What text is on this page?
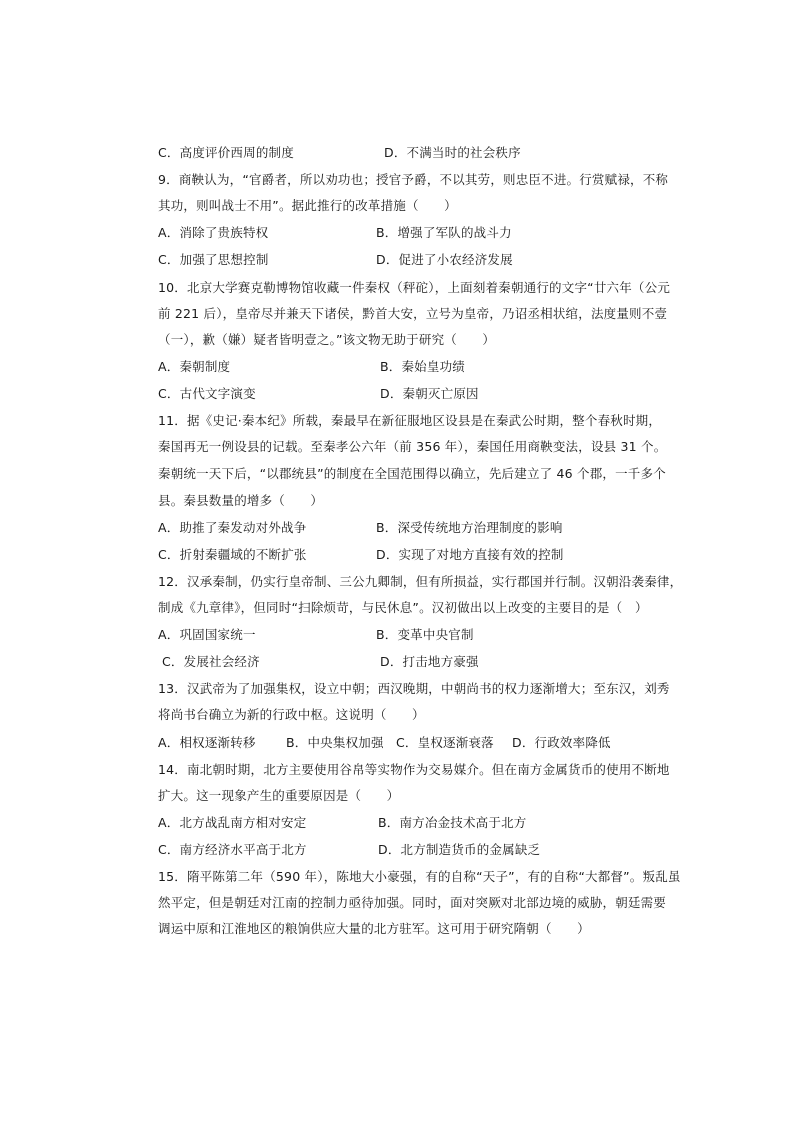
C．高度评价西周的制度	D．不满当时的社会秩序
9．商鞅认为，“官爵者，所以劝功也；授官予爵，不以其劳，则忠臣不进。行赏赋禄，不称
其功，则叫战士不用”。据此推行的改革措施（　　）
A．消除了贵族特权	B．增强了军队的战斗力
C．加强了思想控制	D．促进了小农经济发展
10．北京大学赛克勒博物馆收藏一件秦权（秤砣），上面刻着秦朝通行的文字“廿六年（公元
前 221 后），皇帝尽并兼天下诸侯，黔首大安，立号为皇帝，乃诏丞相状绾，法度量则不壹
（一），歉（嫌）疑者皆明壹之。”该文物无助于研究（　　）
A．秦朝制度	B．秦始皇功绩
C．古代文字演变	D．秦朝灭亡原因
11．据《史记·秦本纪》所载，秦最早在新征服地区设县是在秦武公时期，整个春秋时期，
秦国再无一例设县的记载。至秦孝公六年（前 356 年），秦国任用商鞅变法，设县 31 个。
秦朝统一天下后，“以郡统县”的制度在全国范围得以确立，先后建立了 46 个郡，一千多个
县。秦县数量的增多（　　）
A．助推了秦发动对外战争	B．深受传统地方治理制度的影响
C．折射秦疆域的不断扩张	D．实现了对地方直接有效的控制
12．汉承秦制，仍实行皇帝制、三公九卿制，但有所损益，实行郡国并行制。汉朝沿袭秦律，
制成《九章律》，但同时“扫除烦苛，与民休息”。汉初做出以上改变的主要目的是（　）
A．巩固国家统一	B．变革中央官制
C．发展社会经济	D．打击地方豪强
13．汉武帝为了加强集权，设立中朝；西汉晚期，中朝尚书的权力逐渐增大；至东汉，刘秀
将尚书台确立为新的行政中枢。这说明（　　）
A．相权逐渐转移 B．中央集权加强 C．皇权逐渐衰落 D．行政效率降低
14．南北朝时期，北方主要使用谷帛等实物作为交易媒介。但在南方金属货币的使用不断地
扩大。这一现象产生的重要原因是（　　）
A．北方战乱南方相对安定	B．南方冶金技术高于北方
C．南方经济水平高于北方	D．北方制造货币的金属缺乏
15．隋平陈第二年（590 年），陈地大小豪强，有的自称“天子”，有的自称“大都督”。叛乱虽
然平定，但是朝廷对江南的控制力亟待加强。同时，面对突厥对北部边境的威胁，朝廷需要
调运中原和江淮地区的粮饷供应大量的北方驻军。这可用于研究隋朝（　　）
